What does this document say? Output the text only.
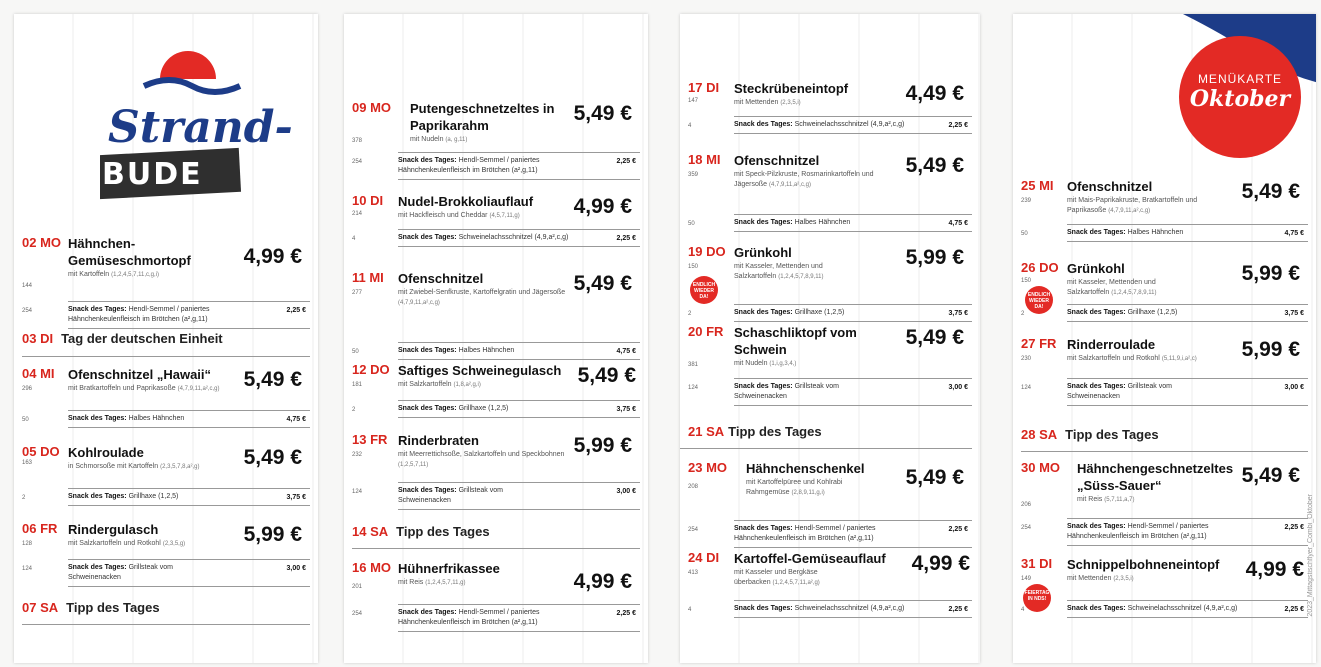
Strand-
BUDE
02 MO Hähnchen-Gemüseschmortopf
mit Kartoffeln (1,2,4,5,7,11,c,g,i)
4,99 €
144
254	Snack des Tages: Hendl-Semmel / paniertes Hähnchenkeulenfleisch im Brötchen (a²,g,11)
2,25 €
03 DI Tag der deutschen Einheit
04 MI Ofenschnitzel „Hawaii“
mit Bratkartoffeln und Paprikasoße (4,7,9,11,a²,c,g)	5,49 €
296
50	Snack des Tages: Halbes Hähnchen	4,75 €
05 DO Kohlroulade
in Schmorsoße mit Kartoffeln (2,3,5,7,8,a²,g)	5,49 €
163
2	Snack des Tages: Grillhaxe (1,2,5)	3,75 €
06 FR Rindergulasch
mit Salzkartoffeln und Rotkohl (2,3,5,g)	5,99 €
128
124	Snack des Tages: Grillsteak vom Schweinenacken
3,00 €
07 SA Tipp des Tages
09 MO Putengeschnetzeltes in Paprikarahm
mit Nudeln (a, g,11)
5,49 €
378
254	Snack des Tages: Hendl-Semmel / paniertes Hähnchenkeulenfleisch im Brötchen (a²,g,11)
2,25 €
10 DI Nudel-Brokkoliauflauf
mit Hackfleisch und Cheddar (4,5,7,11,g)	4,99 €
214
4	Snack des Tages: Schweinelachsschnitzel (4,9,a²,c,g)	2,25 €
11 MI Ofenschnitzel
mit Zwiebel-Senfkruste, Kartoffelgratin und Jägersoße (4,7,9,11,a²,c,g)
5,49 €
277
50	Snack des Tages: Halbes Hähnchen	4,75 €
12 DO Saftiges Schweinegulasch
mit Salzkartoffeln (1,8,a²,g,i)	5,49 €
181
2	Snack des Tages: Grillhaxe (1,2,5)	3,75 €
13 FR Rinderbraten
mit Meerrettichsoße, Salzkartoffeln und Speckbohnen (1,2,5,7,11)
5,99 €
232
124	Snack des Tages: Grillsteak vom Schweinenacken
3,00 €
14 SA Tipp des Tages
16 MO Hühnerfrikassee
mit Reis (1,2,4,5,7,11,g)	4,99 €
201
254	Snack des Tages: Hendl-Semmel / paniertes Hähnchenkeulenfleisch im Brötchen (a²,g,11)
2,25 €
17 DI Steckrübeneintopf
mit Mettenden (2,3,5,i)	4,49 €
147
4	Snack des Tages: Schweinelachsschnitzel (4,9,a²,c,g)	2,25 €
18 MI Ofenschnitzel
mit Speck-Pilzkruste, Rosmarinkartoffeln und Jägersoße (4,7,9,11,a²,c,g)
5,49 €
359
50	Snack des Tages: Halbes Hähnchen	4,75 €
19 DO Grünkohl
mit Kasseler, Mettenden und Salzkartoffeln (1,2,4,5,7,8,9,11)
5,99 €
150
ENDLICH WIEDER DA!
2	Snack des Tages: Grillhaxe (1,2,5)	3,75 €
20 FR Schaschliktopf vom Schwein
mit Nudeln (1,i,g,3,4,)
5,49 €
381
124	Snack des Tages: Grillsteak vom Schweinenacken
3,00 €
21 SA Tipp des Tages
23 MO Hähnchenschenkel
mit Kartoffelpüree und Kohlrabi Rahmgemüse (2,8,9,11,g,i)
5,49 €
208
254	Snack des Tages: Hendl-Semmel / paniertes Hähnchenkeulenfleisch im Brötchen (a²,g,11)
2,25 €
24 DI Kartoffel-Gemüseauflauf
mit Kasseler und Bergkäse überbacken (1,2,4,5,7,11,a²,g)
4,99 €
413
4	Snack des Tages: Schweinelachsschnitzel (4,9,a²,c,g)	2,25 €
MENÜKARTE
Oktober
25 MI Ofenschnitzel
mit Mais-Paprikakruste, Bratkartoffeln und Paprikasoße (4,7,9,11,a²,c,g)
5,49 €
239
50	Snack des Tages: Halbes Hähnchen	4,75 €
26 DO Grünkohl
mit Kasseler, Mettenden und Salzkartoffeln (1,2,4,5,7,8,9,11)
5,99 €
150
ENDLICH WIEDER DA!
2	Snack des Tages: Grillhaxe (1,2,5)	3,75 €
27 FR Rinderroulade
mit Salzkartoffeln und Rotkohl (5,11,9,i,a²,c)	5,99 €
230
124	Snack des Tages: Grillsteak vom Schweinenacken
3,00 €
28 SA Tipp des Tages
30 MO Hähnchengeschnetzeltes „Süss-Sauer“
mit Reis (5,7,11,a,7)
5,49 €
206
254	Snack des Tages: Hendl-Semmel / paniertes Hähnchenkeulenfleisch im Brötchen (a²,g,11)
2,25 €
31 DI Schnippelbohneneintopf
mit Mettenden (2,3,5,i)	4,99 €
149
FEIERTAG IN NDS!
4	Snack des Tages: Schweinelachsschnitzel (4,9,a²,c,g)	2,25 € 2023_Mittagstischflyer_Combi_Oktober
